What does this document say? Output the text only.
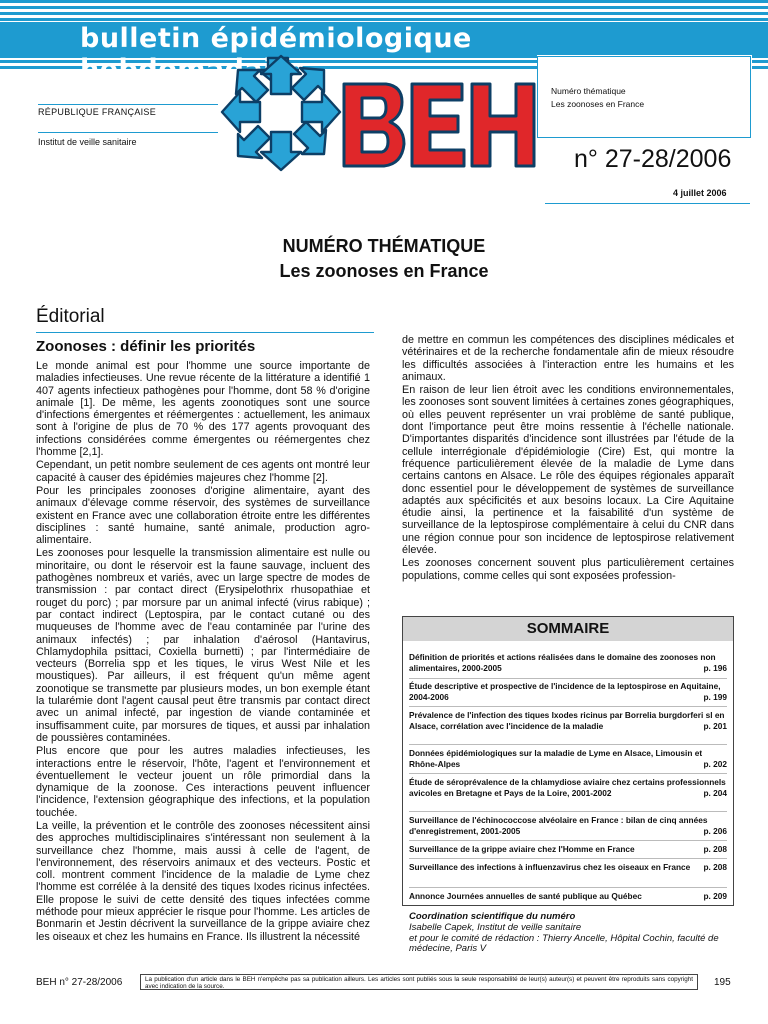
bulletin épidémiologique
RÉPUBLIQUE FRANÇAISE
Institut de veille sanitaire
Numéro thématique
Les zoonoses en France
n° 27-28/2006
4 juillet 2006
NUMÉRO THÉMATIQUE
Les zoonoses en France
Éditorial
Zoonoses : définir les priorités

Le monde animal est pour l'homme une source importante de maladies infectieuses. Une revue récente de la littérature a identifié 1 407 agents infectieux pathogènes pour l'homme, dont 58 % d'origine animale [1]. De même, les agents zoonotiques sont une source d'infections émergentes et réémergentes : actuellement, les animaux sont à l'origine de plus de 70 % des 177 agents provoquant des infections considérées comme émergentes ou réémergentes chez l'homme [2,1].

Cependant, un petit nombre seulement de ces agents ont montré leur capacité à causer des épidémies majeures chez l'homme [2].

Pour les principales zoonoses d'origine alimentaire, ayant des animaux d'élevage comme réservoir, des systèmes de surveillance existent en France avec une collaboration étroite entre les différentes disciplines : santé humaine, santé animale, production agro-alimentaire.

Les zoonoses pour lesquelle la transmission alimentaire est nulle ou minoritaire, ou dont le réservoir est la faune sauvage, incluent des pathogènes nombreux et variés, avec un large spectre de modes de transmission : par contact direct (Erysipelothrix rhusopathiae et rouget du porc) ; par morsure par un animal infecté (virus rabique) ; par contact indirect (Leptospira, par le contact cutané ou des muqueuses de l'homme avec de l'eau contaminée par l'urine des animaux infectés) ; par inhalation d'aérosol (Hantavirus, Chlamydophila psittaci, Coxiella burnetti) ; par l'intermédiaire de vecteurs (Borrelia spp et les tiques, le virus West Nile et les moustiques). Par ailleurs, il est fréquent qu'un même agent zoonotique se transmette par plusieurs modes, un bon exemple étant la tularémie dont l'agent causal peut être transmis par contact direct avec un animal infecté, par ingestion de viande contaminée et insuffisamment cuite, par morsures de tiques, et aussi par inhalation de poussières contaminées.

Plus encore que pour les autres maladies infectieuses, les interactions entre le réservoir, l'hôte, l'agent et l'environnement et éventuellement le vecteur jouent un rôle primordial dans la dynamique de la zoonose. Ces interactions peuvent influencer l'incidence, l'extension géographique des infections, et la population touchée.

La veille, la prévention et le contrôle des zoonoses nécessitent ainsi des approches multidisciplinaires s'intéressant non seulement à la surveillance chez l'homme, mais aussi à celle de l'agent, de l'environnement, des réservoirs animaux et des vecteurs. Postic et coll. montrent comment l'incidence de la maladie de Lyme chez l'homme est corrélée à la densité des tiques Ixodes ricinus infectées. Elle propose le suivi de cette densité des tiques infectées comme méthode pour mieux apprécier le risque pour l'homme. Les articles de Bonmarin et Jestin décrivent la surveillance de la grippe aviaire chez les oiseaux et chez les humains en France. Ils illustrent la nécessité

de mettre en commun les compétences des disciplines médicales et vétérinaires et de la recherche fondamentale afin de mieux résoudre les difficultés associées à l'interaction entre les humains et les animaux.

En raison de leur lien étroit avec les conditions environnementales, les zoonoses sont souvent limitées à certaines zones géographiques, où elles peuvent représenter un vrai problème de santé publique, dont l'importance peut être moins ressentie à l'échelle nationale. D'importantes disparités d'incidence sont illustrées par l'étude de la cellule interrégionale d'épidémiologie (Cire) Est, qui montre la fréquence particulièrement élevée de la maladie de Lyme dans certains cantons en Alsace. Le rôle des équipes régionales apparaît donc essentiel pour le développement de systèmes de surveillance adaptés aux spécificités et aux besoins locaux. La Cire Aquitaine étudie ainsi, la pertinence et la faisabilité d'un système de surveillance de la leptospirose complémentaire à celui du CNR dans une région connue pour son incidence de leptospirose relativement élevée.

Les zoonoses concernent souvent plus particulièrement certaines populations, comme celles qui sont exposées profession-

SOMMAIRE
Définition de priorités et actions réalisées dans le domaine des zoonoses non alimentaires, 2000-2005	p. 196
Étude descriptive et prospective de l'incidence de la leptospirose en Aquitaine, 2004-2006	p. 199
Prévalence de l'infection des tiques Ixodes ricinus par Borrelia burgdorferi sl en Alsace, corrélation avec l'incidence de la maladie	p. 201
Données épidémiologiques sur la maladie de Lyme en Alsace, Limousin et Rhône-Alpes	p. 202
Étude de séroprévalence de la chlamydiose aviaire chez certains professionnels avicoles en Bretagne et Pays de la Loire, 2001-2002	p. 204
Surveillance de l'échinococcose alvéolaire en France : bilan de cinq années d'enregistrement, 2001-2005	p. 206
Surveillance de la grippe aviaire chez l'Homme en France	p. 208
Surveillance des infections à influenzavirus chez les oiseaux en France p. 208
Annonce Journées annuelles de santé publique au Québec	p. 209
Coordination scientifique du numéro
Isabelle Capek, Institut de veille sanitaire
et pour le comité de rédaction : Thierry Ancelle, Hôpital Cochin, faculté de médecine, Paris V
BEH n° 27-28/2006	La publication d'un article dans le BEH n'empêche pas sa publication ailleurs. Les articles sont publiés sous la seule responsabilité de leur(s) auteur(s) et peuvent être reproduits sans copyright avec indication de la source.	195
